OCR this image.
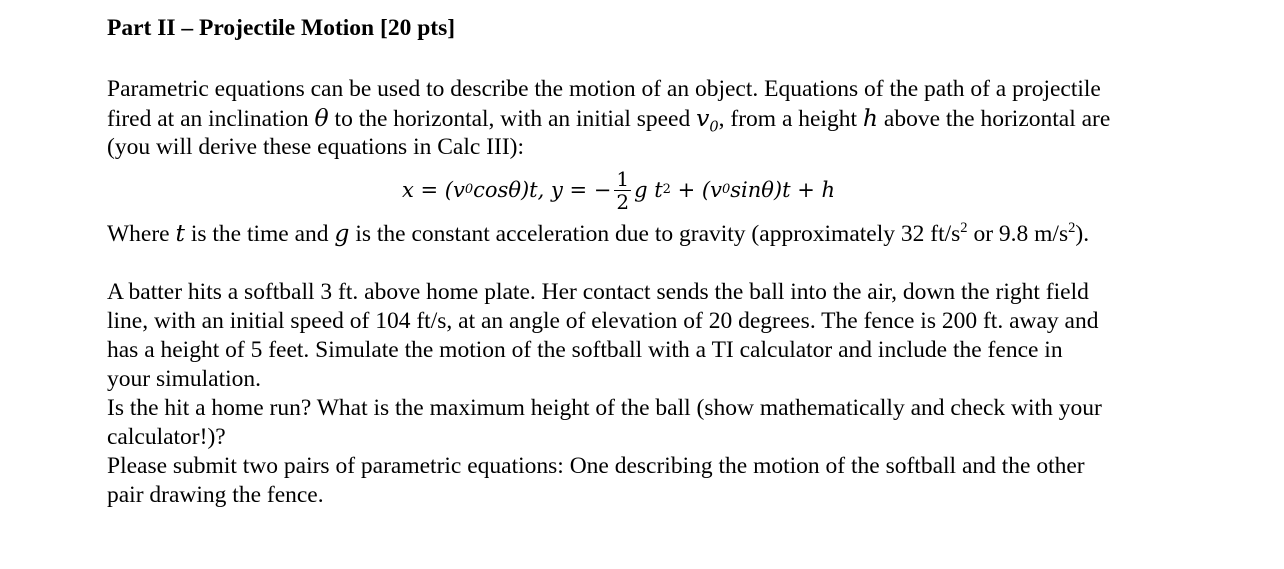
Part II – Projectile Motion [20 pts]
Parametric equations can be used to describe the motion of an object. Equations of the path of a projectile
fired at an inclination θ to the horizontal, with an initial speed $v_0$, from a height h above the horizontal are
(you will derive these equations in Calc III):
x = (v 0 cosθ)t, y = − $\frac{1}{2}$ g t 2 + (v 0 sinθ)t + h
Where t is the time and g is the constant acceleration due to gravity (approximately 32 $ft/s^2$ or 9.8 $m/s^2$).
A batter hits a softball 3 ft. above home plate. Her contact sends the ball into the air, down the right field
line, with an initial speed of 104 ft/s, at an angle of elevation of 20 degrees. The fence is 200 ft. away and
has a height of 5 feet. Simulate the motion of the softball with a TI calculator and include the fence in
your simulation.
Is the hit a home run? What is the maximum height of the ball (show mathematically and check with your
calculator!)?
Please submit two pairs of parametric equations: One describing the motion of the softball and the other
pair drawing the fence.
